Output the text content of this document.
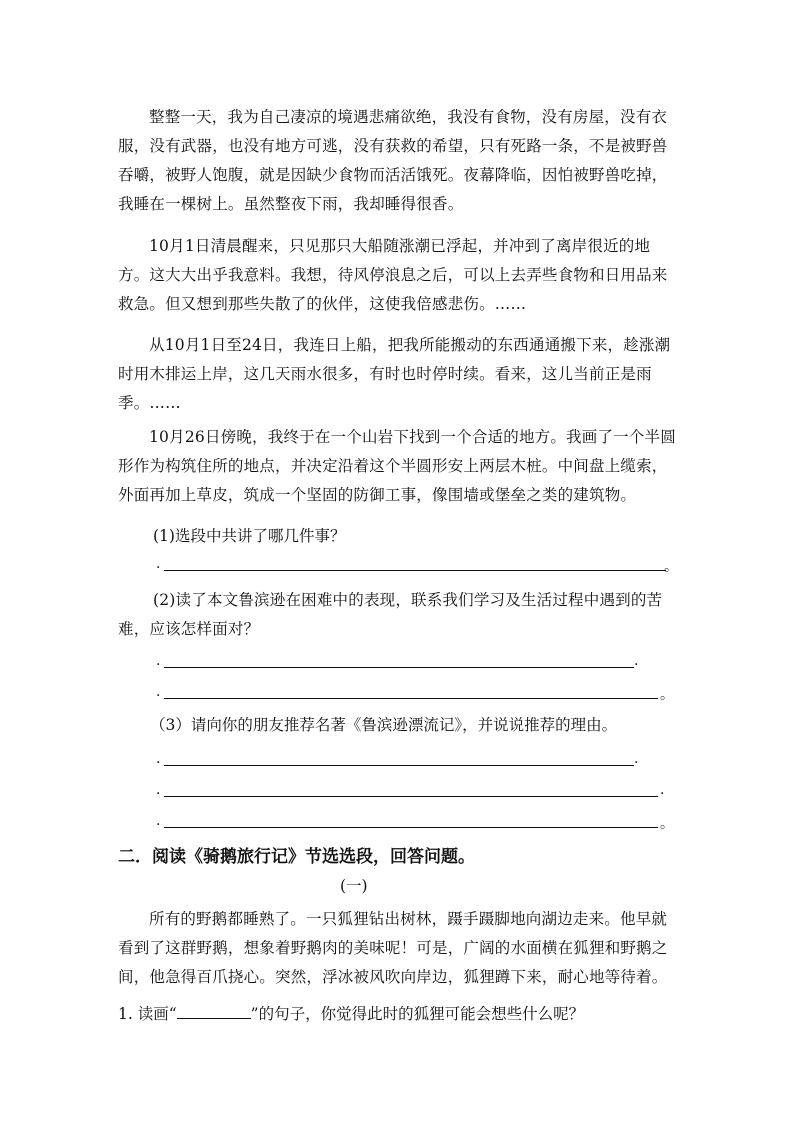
整整一天，我为自己凄凉的境遇悲痛欲绝，我没有食物，没有房屋，没有衣服，没有武器，也没有地方可逃，没有获救的希望，只有死路一条，不是被野兽吞嚼，被野人饱腹，就是因缺少食物而活活饿死。夜幕降临，因怕被野兽吃掉，我睡在一棵树上。虽然整夜下雨，我却睡得很香。
10月1日清晨醒来，只见那只大船随涨潮已浮起，并冲到了离岸很近的地方。这大大出乎我意料。我想，待风停浪息之后，可以上去弄些食物和日用品来救急。但又想到那些失散了的伙伴，这使我倍感悲伤。……
从10月1日至24日，我连日上船，把我所能搬动的东西通通搬下来，趁涨潮时用木排运上岸，这几天雨水很多，有时也时停时续。看来，这儿当前正是雨季。……
10月26日傍晚，我终于在一个山岩下找到一个合适的地方。我画了一个半圆形作为构筑住所的地点，并决定沿着这个半圆形安上两层木桩。中间盘上缆索，外面再加上草皮，筑成一个坚固的防御工事，像围墙或堡垒之类的建筑物。
(1)选段中共讲了哪几件事？
.	。
(2)读了本文鲁滨逊在困难中的表现，联系我们学习及生活过程中遇到的苦难，应该怎样面对？
.	.
.	。
（3）请向你的朋友推荐名著《鲁滨逊漂流记》，并说说推荐的理由。
.	.
.	.
.	。
二．阅读《骑鹅旅行记》节选选段，回答问题。
(一)
所有的野鹅都睡熟了。一只狐狸钻出树林，蹑手蹑脚地向湖边走来。他早就看到了这群野鹅，想象着野鹅肉的美味呢！可是，广阔的水面横在狐狸和野鹅之间，他急得百爪挠心。突然，浮冰被风吹向岸边，狐狸蹲下来，耐心地等待着。
1. 读画“	”的句子，你觉得此时的狐狸可能会想些什么呢？
